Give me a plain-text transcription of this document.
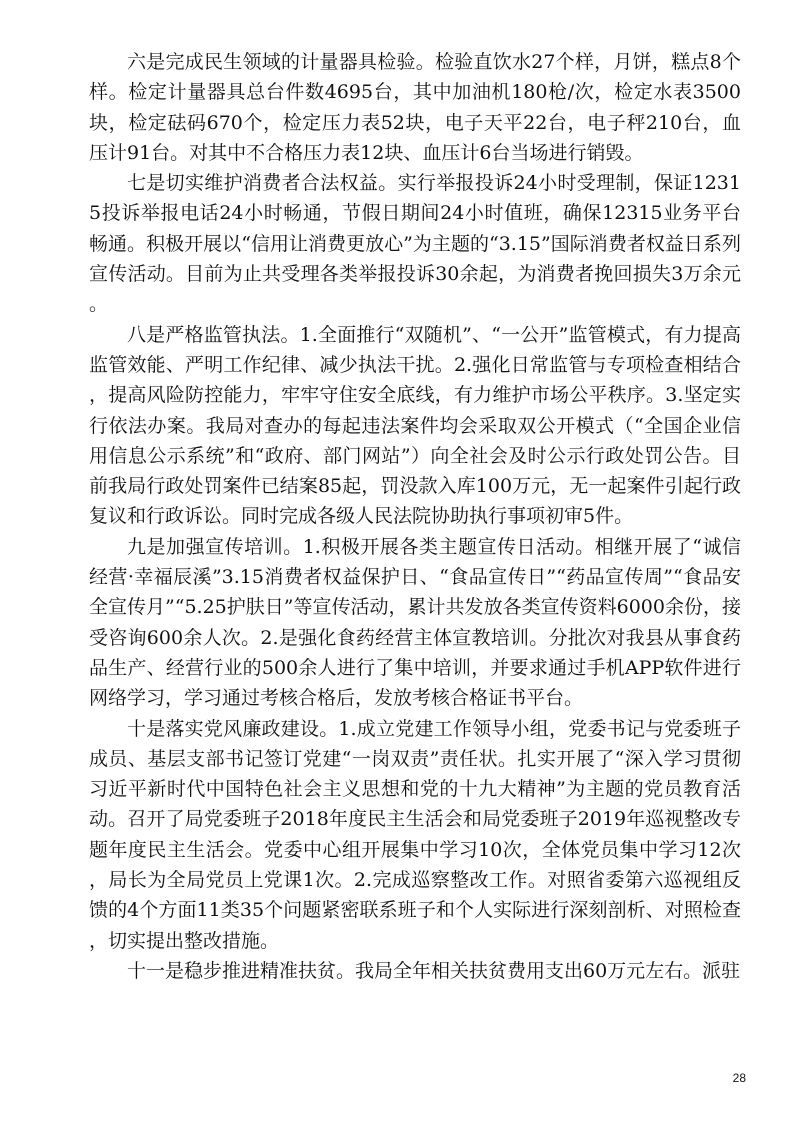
六是完成民生领域的计量器具检验。检验直饮水27个样，月饼，糕点8个样。检定计量器具总台件数4695台，其中加油机180枪/次，检定水表3500块，检定砝码670个，检定压力表52块，电子天平22台，电子秤210台，血压计91台。对其中不合格压力表12块、血压计6台当场进行销毁。

七是切实维护消费者合法权益。实行举报投诉24小时受理制，保证12315投诉举报电话24小时畅通，节假日期间24小时值班，确保12315业务平台畅通。积极开展以“信用让消费更放心”为主题的“3.15”国际消费者权益日系列宣传活动。目前为止共受理各类举报投诉30余起，为消费者挽回损失3万余元。

八是严格监管执法。1.全面推行“双随机”、“一公开”监管模式，有力提高监管效能、严明工作纪律、减少执法干扰。2.强化日常监管与专项检查相结合，提高风险防控能力，牢牢守住安全底线，有力维护市场公平秩序。3.坚定实行依法办案。我局对查办的每起违法案件均会采取双公开模式（“全国企业信用信息公示系统”和“政府、部门网站”）向全社会及时公示行政处罚公告。目前我局行政处罚案件已结案85起，罚没款入库100万元，无一起案件引起行政复议和行政诉讼。同时完成各级人民法院协助执行事项初审5件。

九是加强宣传培训。1.积极开展各类主题宣传日活动。相继开展了“诚信经营·幸福辰溪”3.15消费者权益保护日、“食品宣传日”“药品宣传周”“食品安全宣传月”“5.25护肤日”等宣传活动，累计共发放各类宣传资料6000余份，接受咨询600余人次。2.是强化食药经营主体宣教培训。分批次对我县从事食药品生产、经营行业的500余人进行了集中培训，并要求通过手机APP软件进行网络学习，学习通过考核合格后，发放考核合格证书平台。

十是落实党风廉政建设。1.成立党建工作领导小组，党委书记与党委班子成员、基层支部书记签订党建“一岗双责”责任状。扎实开展了“深入学习贯彻习近平新时代中国特色社会主义思想和党的十九大精神”为主题的党员教育活动。召开了局党委班子2018年度民主生活会和局党委班子2019年巡视整改专题年度民主生活会。党委中心组开展集中学习10次，全体党员集中学习12次，局长为全局党员上党课1次。2.完成巡察整改工作。对照省委第六巡视组反馈的4个方面11类35个问题紧密联系班子和个人实际进行深刻剖析、对照检查，切实提出整改措施。

十一是稳步推进精准扶贫。我局全年相关扶贫费用支出60万元左右。派驻

28
